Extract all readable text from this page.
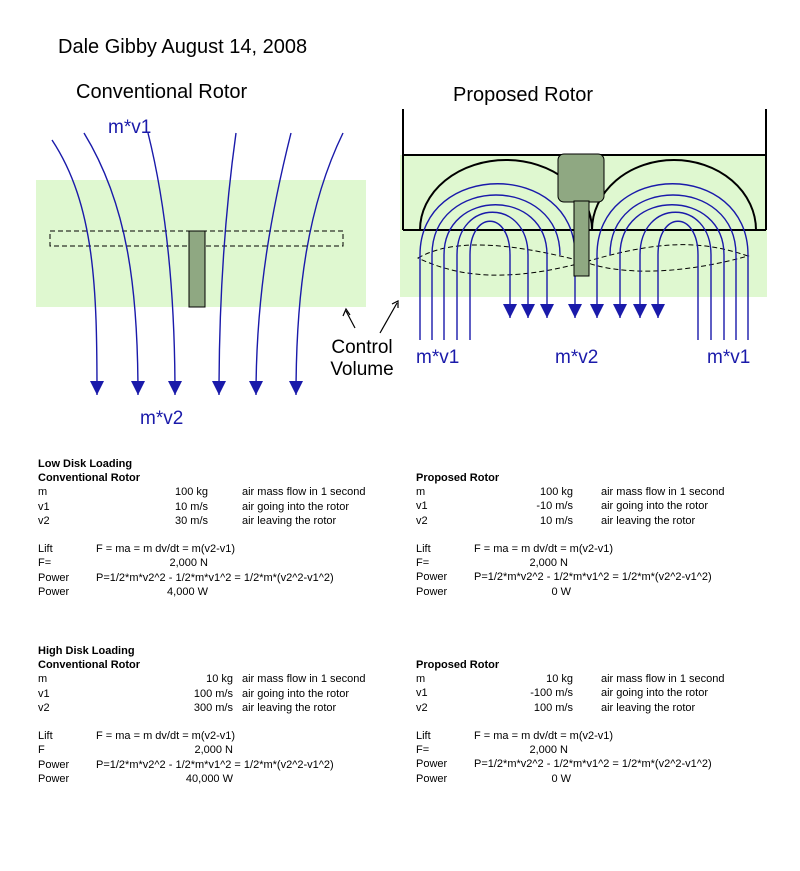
Dale Gibby August 14, 2008
Conventional Rotor	Proposed Rotor
m*v1
m*v2
m*v1	m*v2	m*v1
Control
Volume
Low Disk Loading
Conventional Rotor
m	100 kg	air mass flow in 1 second
v1	10 m/s	air going into the rotor
v2	30 m/s	air leaving the rotor
Lift	F = ma = m dv/dt = m(v2-v1)
F=	2,000 N
Power P=1/2*m*v2^2 - 1/2*m*v1^2 = 1/2*m*(v2^2-v1^2)
Power	4,000 W
Proposed Rotor
m	100 kg	air mass flow in 1 second
v1	-10 m/s	air going into the rotor
v2	10 m/s	air leaving the rotor
Lift	F = ma = m dv/dt = m(v2-v1)
F=	2,000 N
Power P=1/2*m*v2^2 - 1/2*m*v1^2 = 1/2*m*(v2^2-v1^2)
Power	0 W
High Disk Loading
Conventional Rotor
m	10 kg air mass flow in 1 second
v1	100 m/s air going into the rotor
v2	300 m/s air leaving the rotor
Lift	F = ma = m dv/dt = m(v2-v1)
F	2,000 N
Power P=1/2*m*v2^2 - 1/2*m*v1^2 = 1/2*m*(v2^2-v1^2)
Power	40,000 W
Proposed Rotor
m	10 kg	air mass flow in 1 second
v1	-100 m/s	air going into the rotor
v2	100 m/s	air leaving the rotor
Lift	F = ma = m dv/dt = m(v2-v1)
F=	2,000 N
Power P=1/2*m*v2^2 - 1/2*m*v1^2 = 1/2*m*(v2^2-v1^2)
Power	0 W
